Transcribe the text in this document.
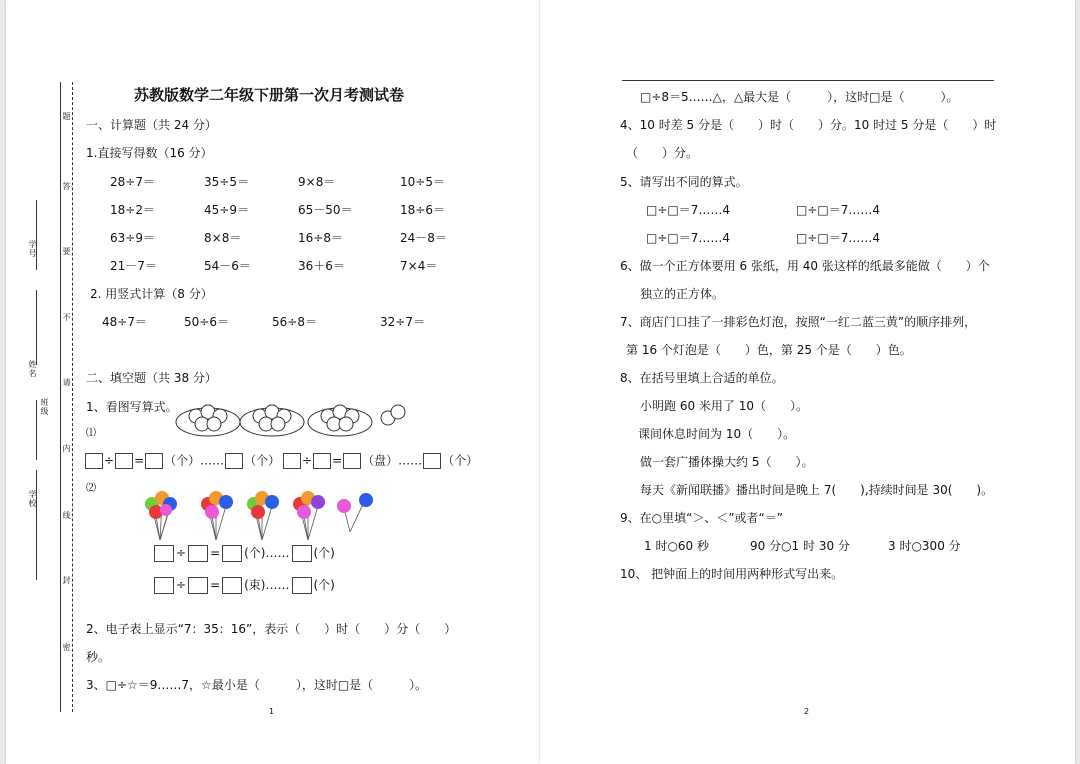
题
答
要
不
请
内
线
封
密
学号
姓名
班级
学校
苏教版数学二年级下册第一次月考测试卷
一、计算题（共 24 分）
1.直接写得数（16 分）
28÷7＝	35÷5＝	9×8＝	10÷5＝
18÷2＝	45÷9＝	65－50＝	18÷6＝
63÷9＝	8×8＝	16÷8＝	24－8＝
21－7＝	54－6＝	36＋6＝	7×4＝
2. 用竖式计算（8 分）
48÷7＝	50÷6＝	56÷8＝	32÷7＝
二、填空题（共 38 分）
1、看图写算式。
⑴
÷ = （个）…… （个）	÷ = （盘）…… （个）
⑵
÷ = (个)…… (个)
÷ = (束)…… (个)
2、电子表上显示“7：35：16”，表示（　　）时（　　）分（　　）
秒。
3、□÷☆＝9……7，☆最小是（　　　），这时□是（　　　）。
1
□÷8＝5……△，△最大是（　　　），这时□是（　　　）。
4、10 时差 5 分是（　　）时（　　）分。10 时过 5 分是（　　）时
（　　）分。
5、请写出不同的算式。
□÷□＝7……4	□÷□＝7……4
□÷□＝7……4	□÷□＝7……4
6、做一个正方体要用 6 张纸，用 40 张这样的纸最多能做（　　）个
独立的正方体。
7、商店门口挂了一排彩色灯泡，按照“一红二蓝三黄”的顺序排列，
第 16 个灯泡是（　　）色，第 25 个是（　　）色。
8、在括号里填上合适的单位。
小明跑 60 米用了 10（　　）。
课间休息时间为 10（　　）。
做一套广播体操大约 5（　　）。
每天《新闻联播》播出时间是晚上 7(　　),持续时间是 30(　　)。
9、在○里填“＞、＜”或者“＝”
1 时○60 秒	90 分○1 时 30 分	3 时○300 分
10、 把钟面上的时间用两种形式写出来。
2
